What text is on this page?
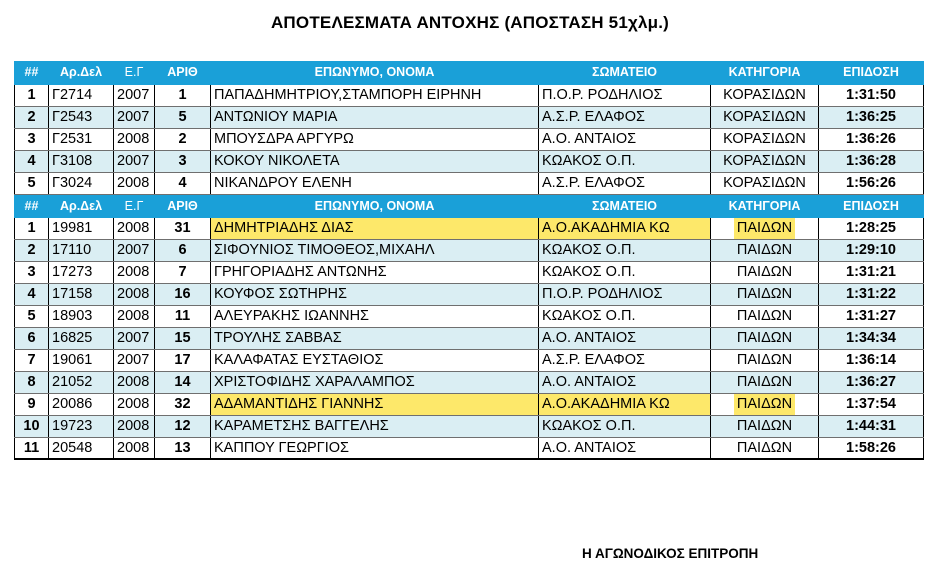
ΑΠΟΤΕΛΕΣΜΑΤΑ ΑΝΤΟΧΗΣ (ΑΠΟΣΤΑΣΗ 51χλμ.)
##	Αρ.Δελ	Ε.Γ	ΑΡΙΘ	ΕΠΩΝΥΜΟ, ΟΝΟΜΑ	ΣΩΜΑΤΕΙΟ	ΚΑΤΗΓΟΡΙΑ	ΕΠΙΔΟΣΗ
1	Γ2714	2007	1	ΠΑΠΑΔΗΜΗΤΡΙΟΥ,ΣΤΑΜΠΟΡΗ ΕΙΡΗΝΗ	Π.Ο.Ρ. ΡΟΔΗΛΙΟΣ	ΚΟΡΑΣΙΔΩΝ	1:31:50
2	Γ2543	2007	5	ΑΝΤΩΝΙΟΥ ΜΑΡΙΑ	Α.Σ.Ρ. ΕΛΑΦΟΣ	ΚΟΡΑΣΙΔΩΝ	1:36:25
3	Γ2531	2008	2	ΜΠΟΥΣΔΡΑ ΑΡΓΥΡΩ	Α.Ο. ΑΝΤΑΙΟΣ	ΚΟΡΑΣΙΔΩΝ	1:36:26
4	Γ3108	2007	3	ΚΟΚΟΥ ΝΙΚΟΛΕΤΑ	ΚΩΑΚΟΣ Ο.Π.	ΚΟΡΑΣΙΔΩΝ	1:36:28
5	Γ3024	2008	4	ΝΙΚΑΝΔΡΟΥ ΕΛΕΝΗ	Α.Σ.Ρ. ΕΛΑΦΟΣ	ΚΟΡΑΣΙΔΩΝ	1:56:26
##	Αρ.Δελ	Ε.Γ	ΑΡΙΘ	ΕΠΩΝΥΜΟ, ΟΝΟΜΑ	ΣΩΜΑΤΕΙΟ	ΚΑΤΗΓΟΡΙΑ	ΕΠΙΔΟΣΗ
1	19981	2008	31	ΔΗΜΗΤΡΙΑΔΗΣ ΔΙΑΣ	Α.Ο.ΑΚΑΔΗΜΙΑ ΚΩ	ΠΑΙΔΩΝ	1:28:25
2	17110	2007	6	ΣΙΦΟΥΝΙΟΣ ΤΙΜΟΘΕΟΣ,ΜΙΧΑΗΛ	ΚΩΑΚΟΣ Ο.Π.	ΠΑΙΔΩΝ	1:29:10
3	17273	2008	7	ΓΡΗΓΟΡΙΑΔΗΣ ΑΝΤΩΝΗΣ	ΚΩΑΚΟΣ Ο.Π.	ΠΑΙΔΩΝ	1:31:21
4	17158	2008	16	ΚΟΥΦΟΣ ΣΩΤΗΡΗΣ	Π.Ο.Ρ. ΡΟΔΗΛΙΟΣ	ΠΑΙΔΩΝ	1:31:22
5	18903	2008	11	ΑΛΕΥΡΑΚΗΣ ΙΩΑΝΝΗΣ	ΚΩΑΚΟΣ Ο.Π.	ΠΑΙΔΩΝ	1:31:27
6	16825	2007	15	ΤΡΟΥΛΗΣ ΣΑΒΒΑΣ	Α.Ο. ΑΝΤΑΙΟΣ	ΠΑΙΔΩΝ	1:34:34
7	19061	2007	17	ΚΑΛΑΦΑΤΑΣ ΕΥΣΤΑΘΙΟΣ	Α.Σ.Ρ. ΕΛΑΦΟΣ	ΠΑΙΔΩΝ	1:36:14
8	21052	2008	14	ΧΡΙΣΤΟΦΙΔΗΣ ΧΑΡΑΛΑΜΠΟΣ	Α.Ο. ΑΝΤΑΙΟΣ	ΠΑΙΔΩΝ	1:36:27
9	20086	2008	32	ΑΔΑΜΑΝΤΙΔΗΣ ΓΙΑΝΝΗΣ	Α.Ο.ΑΚΑΔΗΜΙΑ ΚΩ	ΠΑΙΔΩΝ	1:37:54
10	19723	2008	12	ΚΑΡΑΜΕΤΣΗΣ ΒΑΓΓΕΛΗΣ	ΚΩΑΚΟΣ Ο.Π.	ΠΑΙΔΩΝ	1:44:31
11	20548	2008	13	ΚΑΠΠΟΥ ΓΕΩΡΓΙΟΣ	Α.Ο. ΑΝΤΑΙΟΣ	ΠΑΙΔΩΝ	1:58:26
Η ΑΓΩΝΟΔΙΚΟΣ ΕΠΙΤΡΟΠΗ
